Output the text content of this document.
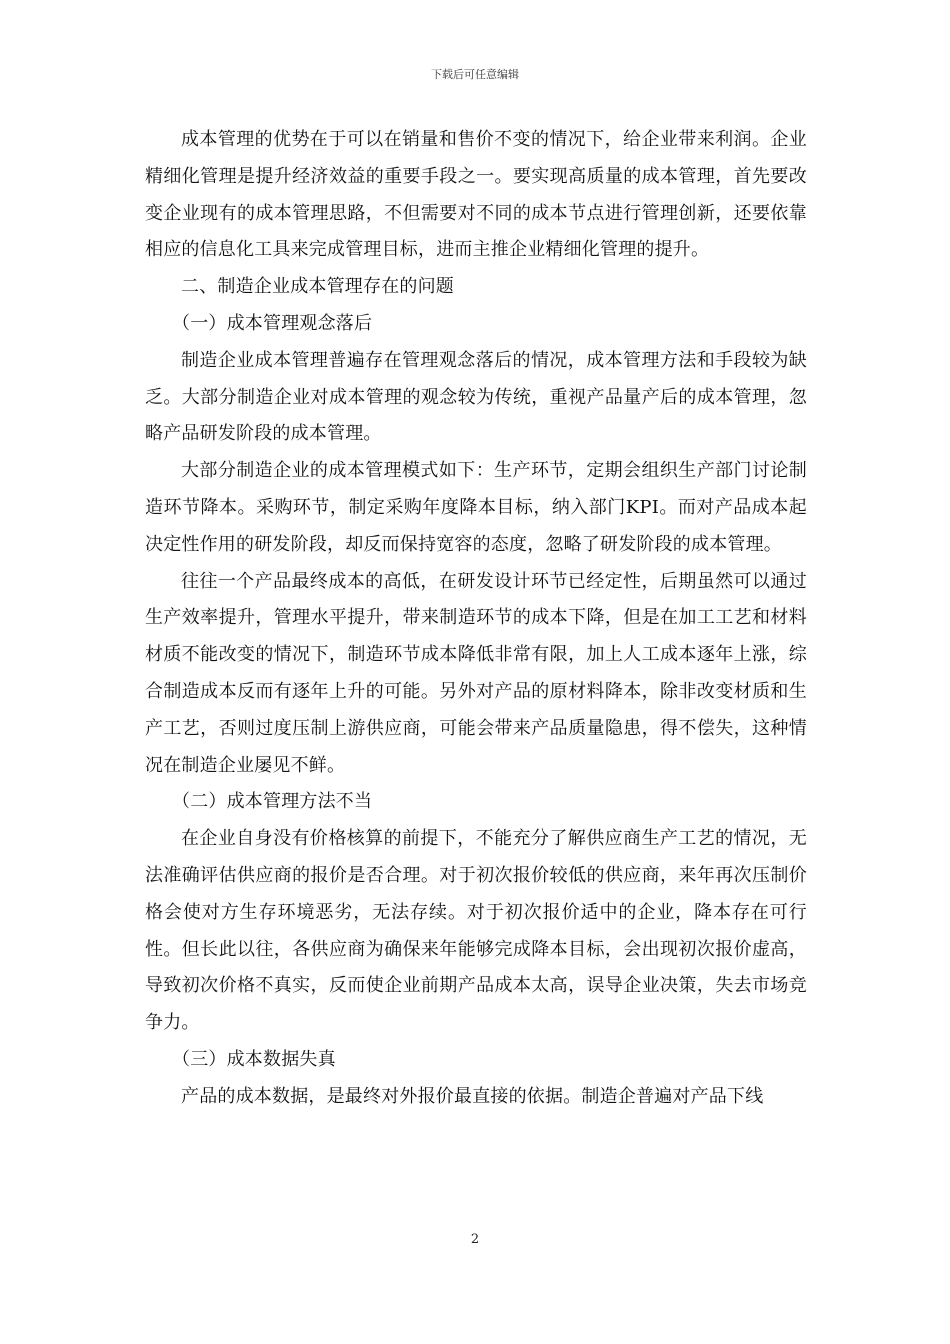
下载后可任意编辑

成本管理的优势在于可以在销量和售价不变的情况下，给企业带来利润。企业精细化管理是提升经济效益的重要手段之一。要实现高质量的成本管理，首先要改变企业现有的成本管理思路，不但需要对不同的成本节点进行管理创新，还要依靠相应的信息化工具来完成管理目标，进而主推企业精细化管理的提升。

二、制造企业成本管理存在的问题

（一）成本管理观念落后

制造企业成本管理普遍存在管理观念落后的情况，成本管理方法和手段较为缺乏。大部分制造企业对成本管理的观念较为传统，重视产品量产后的成本管理，忽略产品研发阶段的成本管理。

大部分制造企业的成本管理模式如下：生产环节，定期会组织生产部门讨论制造环节降本。采购环节，制定采购年度降本目标，纳入部门KPI。而对产品成本起决定性作用的研发阶段，却反而保持宽容的态度，忽略了研发阶段的成本管理。

往往一个产品最终成本的高低，在研发设计环节已经定性，后期虽然可以通过生产效率提升，管理水平提升，带来制造环节的成本下降，但是在加工工艺和材料材质不能改变的情况下，制造环节成本降低非常有限，加上人工成本逐年上涨，综合制造成本反而有逐年上升的可能。另外对产品的原材料降本，除非改变材质和生产工艺，否则过度压制上游供应商，可能会带来产品质量隐患，得不偿失，这种情况在制造企业屡见不鲜。

（二）成本管理方法不当

在企业自身没有价格核算的前提下，不能充分了解供应商生产工艺的情况，无法准确评估供应商的报价是否合理。对于初次报价较低的供应商，来年再次压制价格会使对方生存环境恶劣，无法存续。对于初次报价适中的企业，降本存在可行性。但长此以往，各供应商为确保来年能够完成降本目标，会出现初次报价虚高，导致初次价格不真实，反而使企业前期产品成本太高，误导企业决策，失去市场竞争力。

（三）成本数据失真

产品的成本数据，是最终对外报价最直接的依据。制造企普遍对产品下线

2
